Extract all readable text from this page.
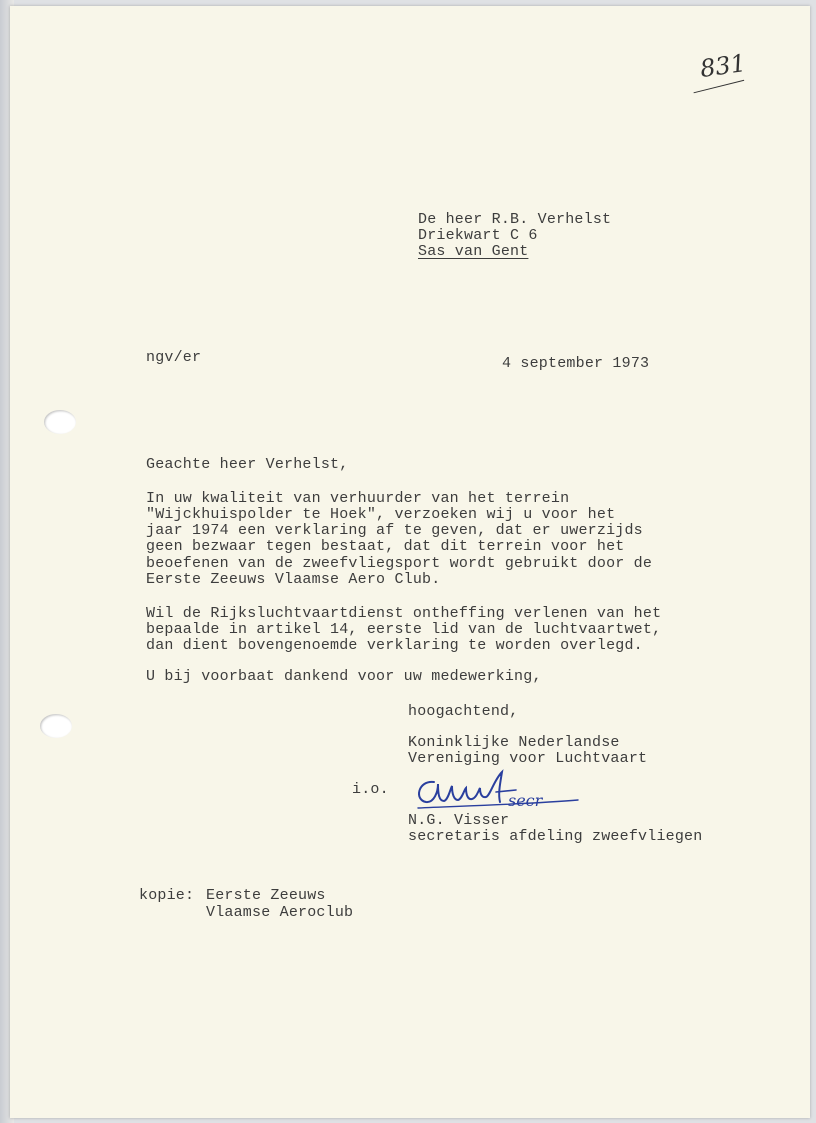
831
De heer R.B. Verhelst
Driekwart C 6
Sas van Gent
ngv/er	4 september 1973
Geachte heer Verhelst,
In uw kwaliteit van verhuurder van het terrein
"Wijckhuispolder te Hoek", verzoeken wij u voor het
jaar 1974 een verklaring af te geven, dat er uwerzijds
geen bezwaar tegen bestaat, dat dit terrein voor het
beoefenen van de zweefvliegsport wordt gebruikt door de
Eerste Zeeuws Vlaamse Aero Club.
Wil de Rijksluchtvaartdienst ontheffing verlenen van het
bepaalde in artikel 14, eerste lid van de luchtvaartwet,
dan dient bovengenoemde verklaring te worden overlegd.
U bij voorbaat dankend voor uw medewerking,
hoogachtend,
Koninklijke Nederlandse
Vereniging voor Luchtvaart
i.o.
secr
N.G. Visser
secretaris afdeling zweefvliegen
kopie: Eerste Zeeuws
Vlaamse Aeroclub
